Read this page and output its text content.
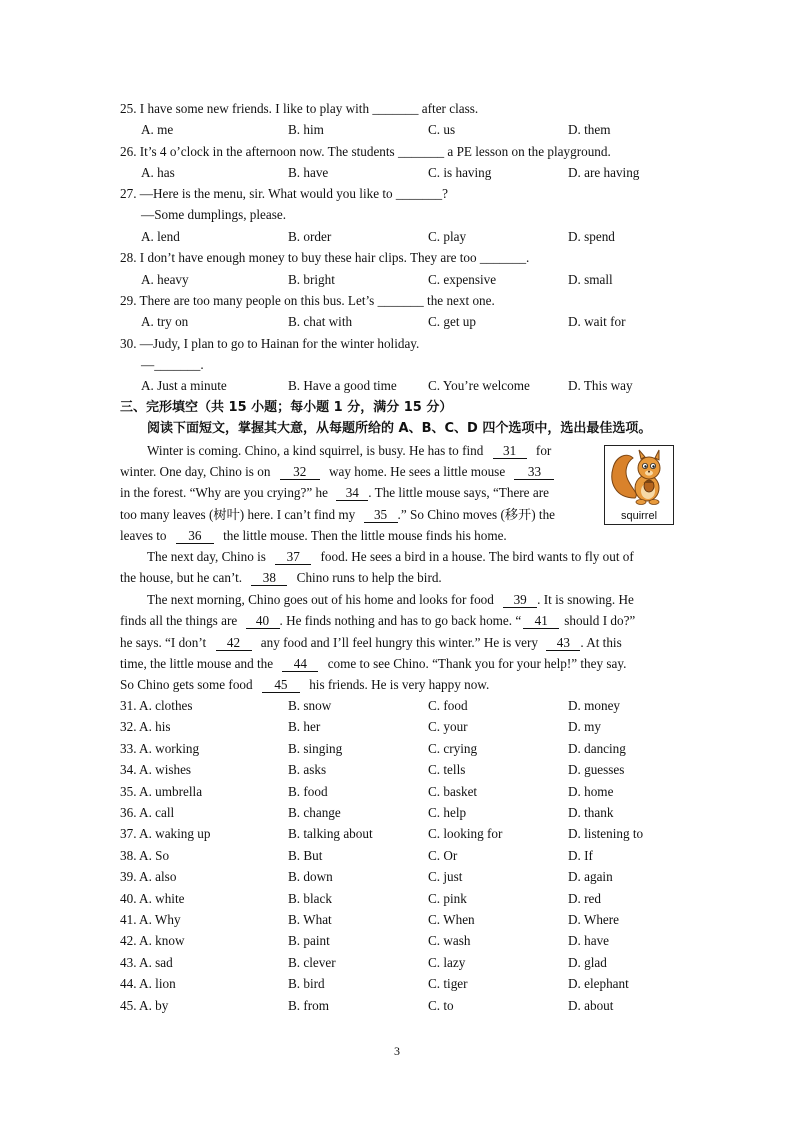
25. I have some new friends. I like to play with _______ after class.
A. me	B. him	C. us	D. them
26. It’s 4 o’clock in the afternoon now. The students _______ a PE lesson on the playground.
A. has	B. have	C. is having	D. are having
27. —Here is the menu, sir. What would you like to _______?
—Some dumplings, please.
A. lend	B. order	C. play	D. spend
28. I don’t have enough money to buy these hair clips. They are too _______.
A. heavy	B. bright	C. expensive	D. small
29. There are too many people on this bus. Let’s _______ the next one.
A. try on	B. chat with	C. get up	D. wait for
30. —Judy, I plan to go to Hainan for the winter holiday.
—_______.
A. Just a minute	B. Have a good time C. You’re welcome	D. This way
三、完形填空（共 15 小题；每小题 1 分，满分 15 分）
阅读下面短文，掌握其大意，从每题所给的 A、B、C、D 四个选项中，选出最佳选项。
squirrel
Winter is coming. Chino, a kind squirrel, is busy. He has to find 31 for
winter. One day, Chino is on 32 way home. He sees a little mouse 33
in the forest. “Why are you crying?” he 34 . The little mouse says, “There are
too many leaves (树叶) here. I can’t find my 35 .” So Chino moves (移开) the
leaves to 36 the little mouse. Then the little mouse finds his home.
The next day, Chino is 37 food. He sees a bird in a house. The bird wants to fly out of
the house, but he can’t. 38 Chino runs to help the bird.
The next morning, Chino goes out of his home and looks for food 39 . It is snowing. He
finds all the things are 40 . He finds nothing and has to go back home. “ 41 should I do?”
he says. “I don’t 42 any food and I’ll feel hungry this winter.” He is very 43 . At this
time, the little mouse and the 44 come to see Chino. “Thank you for your help!” they say.
So Chino gets some food 45 his friends. He is very happy now.
31. A. clothes	B. snow	C. food	D. money
32. A. his	B. her	C. your	D. my
33. A. working	B. singing	C. crying	D. dancing
34. A. wishes	B. asks	C. tells	D. guesses
35. A. umbrella	B. food	C. basket	D. home
36. A. call	B. change	C. help	D. thank
37. A. waking up	B. talking about	C. looking for	D. listening to
38. A. So	B. But	C. Or	D. If
39. A. also	B. down	C. just	D. again
40. A. white	B. black	C. pink	D. red
41. A. Why	B. What	C. When	D. Where
42. A. know	B. paint	C. wash	D. have
43. A. sad	B. clever	C. lazy	D. glad
44. A. lion	B. bird	C. tiger	D. elephant
45. A. by	B. from	C. to	D. about
3
